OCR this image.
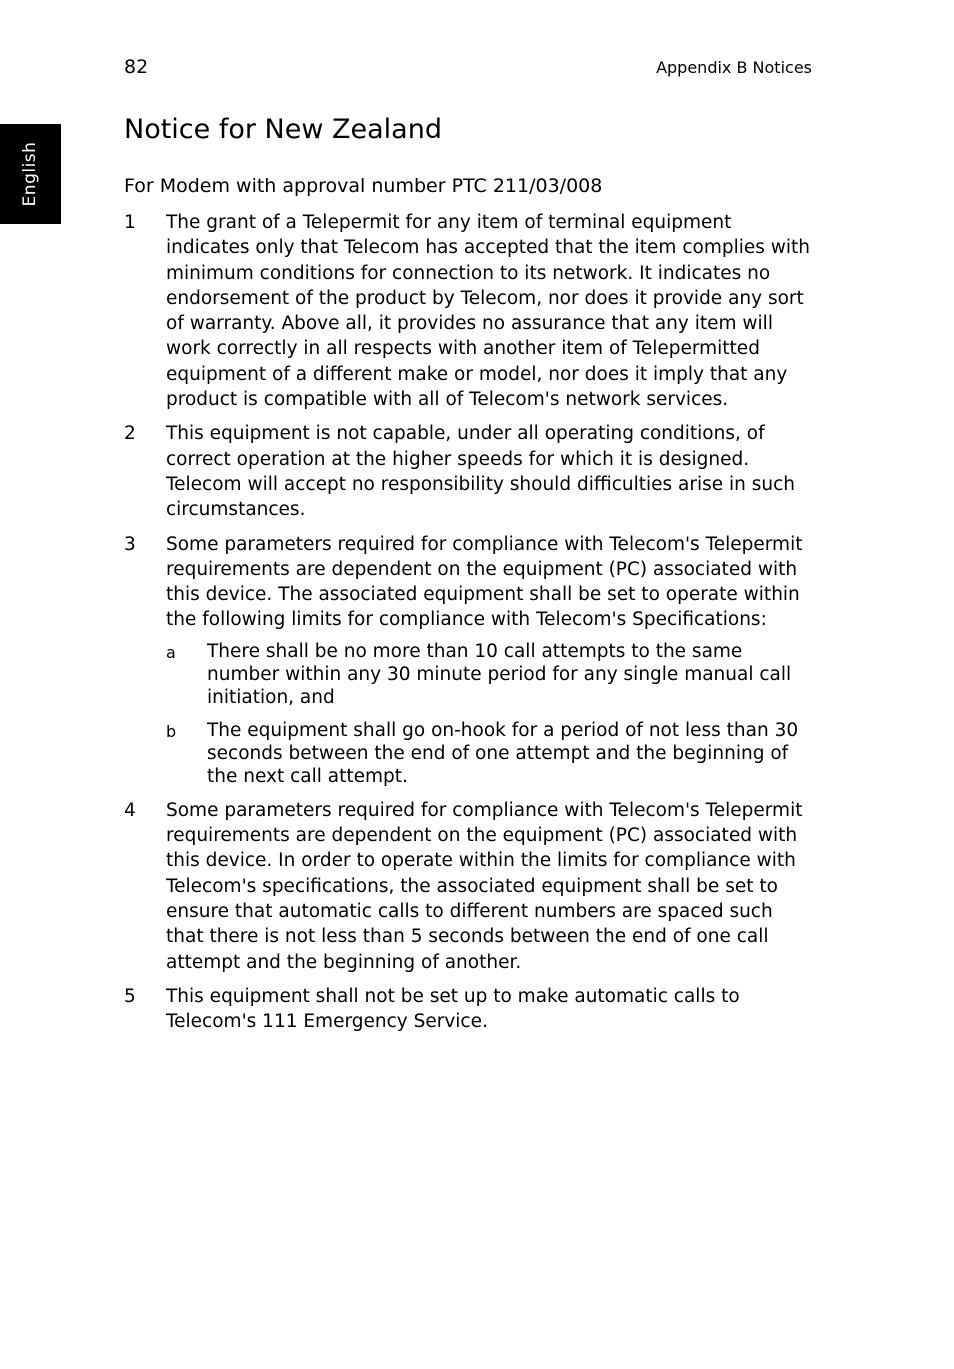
82	Appendix B Notices
English
Notice for New Zealand

For Modem with approval number PTC 211/03/008

1 The grant of a Telepermit for any item of terminal equipment indicates only that Telecom has accepted that the item complies with minimum conditions for connection to its network. It indicates no endorsement of the product by Telecom, nor does it provide any sort of warranty. Above all, it provides no assurance that any item will work correctly in all respects with another item of Telepermitted equipment of a different make or model, nor does it imply that any product is compatible with all of Telecom's network services.
2 This equipment is not capable, under all operating conditions, of correct operation at the higher speeds for which it is designed. Telecom will accept no responsibility should difficulties arise in such circumstances.
3 Some parameters required for compliance with Telecom's Telepermit requirements are dependent on the equipment (PC) associated with this device. The associated equipment shall be set to operate within the following limits for compliance with Telecom's Specifications:
a There shall be no more than 10 call attempts to the same number within any 30 minute period for any single manual call initiation, and
b The equipment shall go on-hook for a period of not less than 30 seconds between the end of one attempt and the beginning of the next call attempt.
4 Some parameters required for compliance with Telecom's Telepermit requirements are dependent on the equipment (PC) associated with this device. In order to operate within the limits for compliance with Telecom's specifications, the associated equipment shall be set to ensure that automatic calls to different numbers are spaced such that there is not less than 5 seconds between the end of one call attempt and the beginning of another.
5 This equipment shall not be set up to make automatic calls to Telecom's 111 Emergency Service.
